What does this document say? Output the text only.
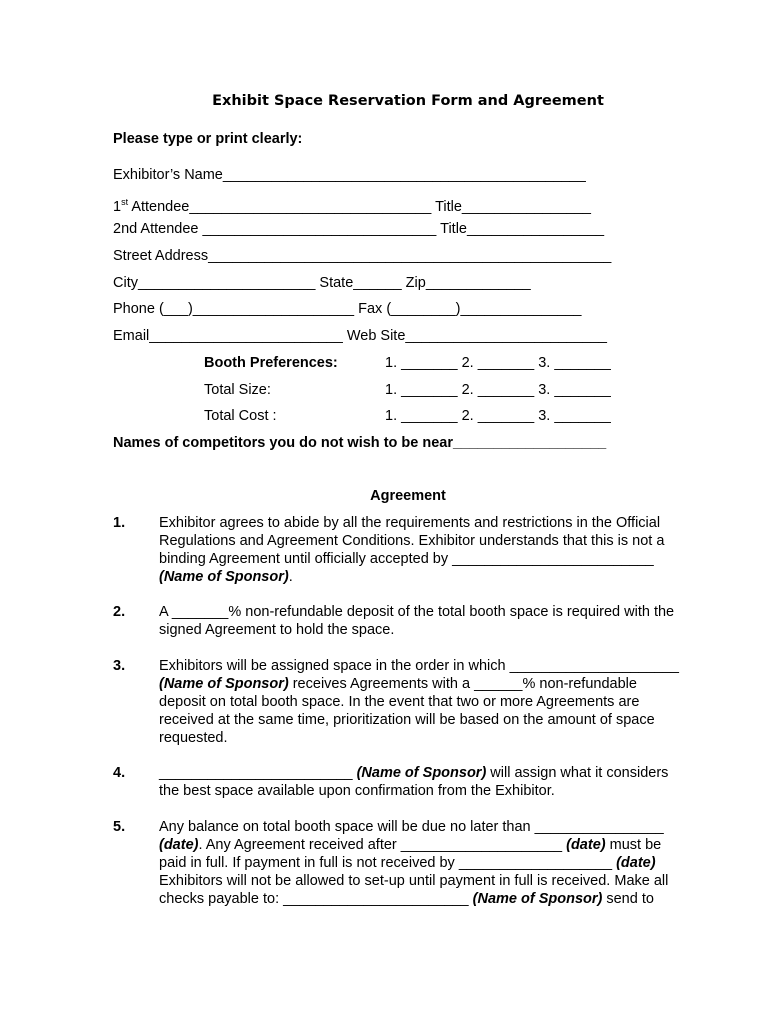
Exhibit Space Reservation Form and Agreement
Please type or print clearly:
Exhibitor’s Name_____________________________________________
1st Attendee______________________________ Title________________
2nd Attendee _____________________________ Title_________________
Street Address__________________________________________________
City______________________ State______ Zip_____________
Phone (___)____________________ Fax (________)_______________
Email________________________ Web Site_________________________
Booth Preferences:	1. _______ 2. _______ 3. _______
Total Size:	1. _______ 2. _______ 3. _______
Total Cost :	1. _______ 2. _______ 3. _______
Names of competitors you do not wish to be near___________________
Agreement
1. Exhibitor agrees to abide by all the requirements and restrictions in the Official
Regulations and Agreement Conditions. Exhibitor understands that this is not a
binding Agreement until officially accepted by _________________________
(Name of Sponsor).
2. A _______% non-refundable deposit of the total booth space is required with the
signed Agreement to hold the space.
3. Exhibitors will be assigned space in the order in which _____________________
(Name of Sponsor) receives Agreements with a ______% non-refundable
deposit on total booth space. In the event that two or more Agreements are
received at the same time, prioritization will be based on the amount of space
requested.
4. ________________________ (Name of Sponsor) will assign what it considers
the best space available upon confirmation from the Exhibitor.
5. Any balance on total booth space will be due no later than ________________
(date). Any Agreement received after ____________________ (date) must be
paid in full. If payment in full is not received by ___________________ (date)
Exhibitors will not be allowed to set-up until payment in full is received. Make all
checks payable to: _______________________ (Name of Sponsor) send to
